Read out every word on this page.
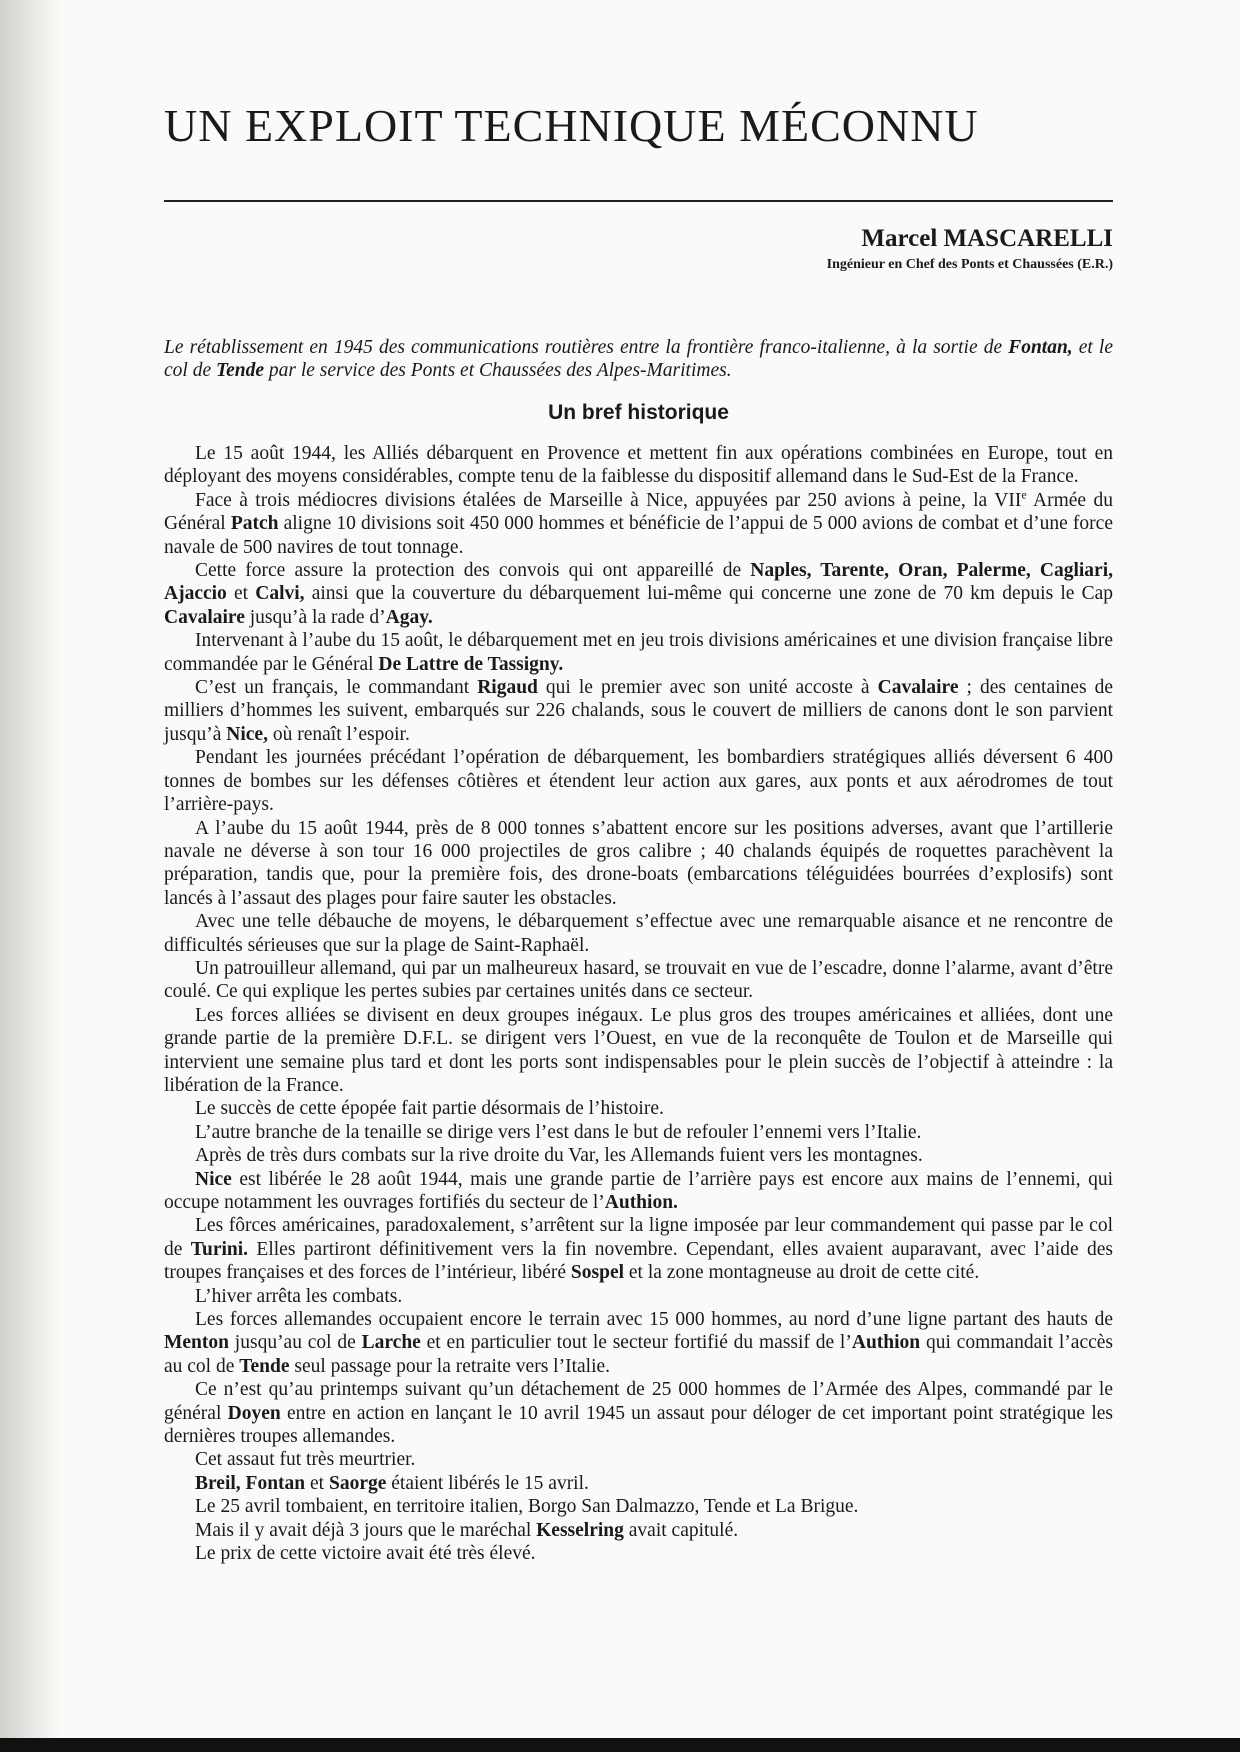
UN EXPLOIT TECHNIQUE MÉCONNU
Marcel MASCARELLI
Ingénieur en Chef des Ponts et Chaussées (E.R.)
Le rétablissement en 1945 des communications routières entre la frontière franco-italienne, à la sortie de Fontan, et le col de Tende par le service des Ponts et Chaussées des Alpes-Maritimes.
Un bref historique

Le 15 août 1944, les Alliés débarquent en Provence et mettent fin aux opérations combinées en Europe, tout en déployant des moyens considérables, compte tenu de la faiblesse du dispositif allemand dans le Sud-Est de la France.

Face à trois médiocres divisions étalées de Marseille à Nice, appuyées par 250 avions à peine, la VIIe Armée du Général Patch aligne 10 divisions soit 450 000 hommes et bénéficie de l’appui de 5 000 avions de combat et d’une force navale de 500 navires de tout tonnage.

Cette force assure la protection des convois qui ont appareillé de Naples, Tarente, Oran, Palerme, Cagliari, Ajaccio et Calvi, ainsi que la couverture du débarquement lui-même qui concerne une zone de 70 km depuis le Cap Cavalaire jusqu’à la rade d’Agay.

Intervenant à l’aube du 15 août, le débarquement met en jeu trois divisions américaines et une division française libre commandée par le Général De Lattre de Tassigny.

C’est un français, le commandant Rigaud qui le premier avec son unité accoste à Cavalaire ; des centaines de milliers d’hommes les suivent, embarqués sur 226 chalands, sous le couvert de milliers de canons dont le son parvient jusqu’à Nice, où renaît l’espoir.

Pendant les journées précédant l’opération de débarquement, les bombardiers stratégiques alliés déversent 6 400 tonnes de bombes sur les défenses côtières et étendent leur action aux gares, aux ponts et aux aérodromes de tout l’arrière-pays.

A l’aube du 15 août 1944, près de 8 000 tonnes s’abattent encore sur les positions adverses, avant que l’artillerie navale ne déverse à son tour 16 000 projectiles de gros calibre ; 40 chalands équipés de roquettes parachèvent la préparation, tandis que, pour la première fois, des drone-boats (embarcations téléguidées bourrées d’explosifs) sont lancés à l’assaut des plages pour faire sauter les obstacles.

Avec une telle débauche de moyens, le débarquement s’effectue avec une remarquable aisance et ne rencontre de difficultés sérieuses que sur la plage de Saint-Raphaël.

Un patrouilleur allemand, qui par un malheureux hasard, se trouvait en vue de l’escadre, donne l’alarme, avant d’être coulé. Ce qui explique les pertes subies par certaines unités dans ce secteur.

Les forces alliées se divisent en deux groupes inégaux. Le plus gros des troupes américaines et alliées, dont une grande partie de la première D.F.L. se dirigent vers l’Ouest, en vue de la reconquête de Toulon et de Marseille qui intervient une semaine plus tard et dont les ports sont indispensables pour le plein succès de l’objectif à atteindre : la libération de la France.

Le succès de cette épopée fait partie désormais de l’histoire.

L’autre branche de la tenaille se dirige vers l’est dans le but de refouler l’ennemi vers l’Italie.

Après de très durs combats sur la rive droite du Var, les Allemands fuient vers les montagnes.

Nice est libérée le 28 août 1944, mais une grande partie de l’arrière pays est encore aux mains de l’ennemi, qui occupe notamment les ouvrages fortifiés du secteur de l’Authion.

Les fôrces américaines, paradoxalement, s’arrêtent sur la ligne imposée par leur commandement qui passe par le col de Turini. Elles partiront définitivement vers la fin novembre. Cependant, elles avaient auparavant, avec l’aide des troupes françaises et des forces de l’intérieur, libéré Sospel et la zone montagneuse au droit de cette cité.

L’hiver arrêta les combats.

Les forces allemandes occupaient encore le terrain avec 15 000 hommes, au nord d’une ligne partant des hauts de Menton jusqu’au col de Larche et en particulier tout le secteur fortifié du massif de l’Authion qui commandait l’accès au col de Tende seul passage pour la retraite vers l’Italie.

Ce n’est qu’au printemps suivant qu’un détachement de 25 000 hommes de l’Armée des Alpes, commandé par le général Doyen entre en action en lançant le 10 avril 1945 un assaut pour déloger de cet important point stratégique les dernières troupes allemandes.

Cet assaut fut très meurtrier.

Breil, Fontan et Saorge étaient libérés le 15 avril.

Le 25 avril tombaient, en territoire italien, Borgo San Dalmazzo, Tende et La Brigue.

Mais il y avait déjà 3 jours que le maréchal Kesselring avait capitulé.

Le prix de cette victoire avait été très élevé.
